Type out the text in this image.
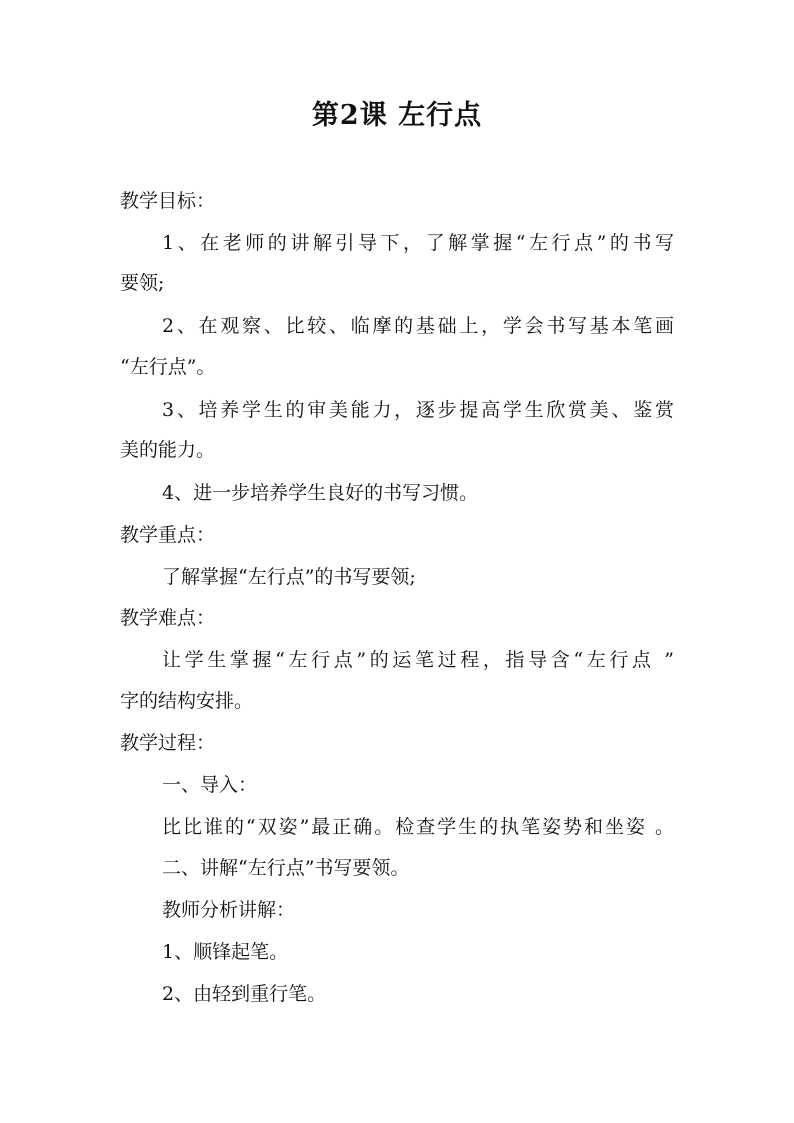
第2课 左行点
教学目标：
1、在老师的讲解引导下，了解掌握“左行点”的书写
要领;
2、在观察、比较、临摩的基础上，学会书写基本笔画
“左行点”。
3、培养学生的审美能力，逐步提高学生欣赏美、鉴赏
美的能力。
4、进一步培养学生良好的书写习惯。
教学重点：
了解掌握“左行点”的书写要领;
教学难点：
让学生掌握“左行点”的运笔过程，指导含“左行点 ”
字的结构安排。
教学过程：
一、导入：
比比谁的“双姿”最正确。检查学生的执笔姿势和坐姿 。
二、讲解“左行点”书写要领。
教师分析讲解：
1、顺锋起笔。
2、由轻到重行笔。
